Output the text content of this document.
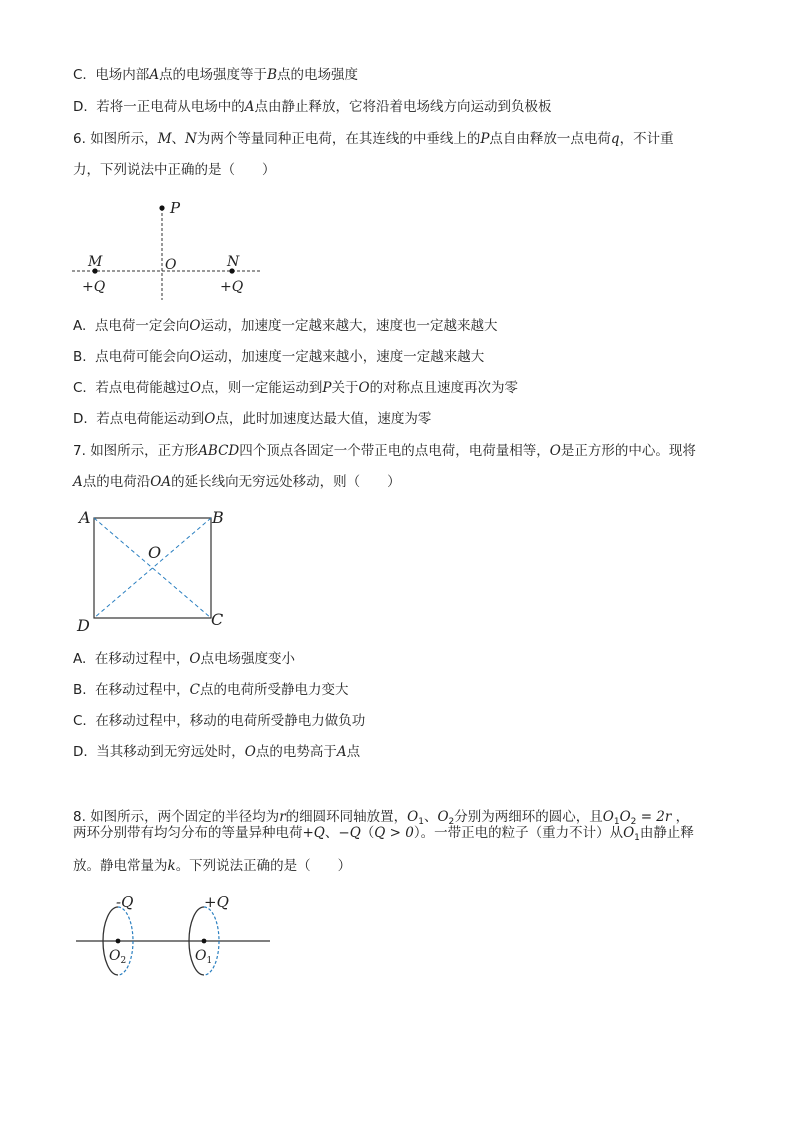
C. 电场内部A点的电场强度等于B点的电场强度
D. 若将一正电荷从电场中的A点由静止释放，它将沿着电场线方向运动到负极板
6. 如图所示，M、N为两个等量同种正电荷，在其连线的中垂线上的P点自由释放一点电荷q，不计重
力，下列说法中正确的是（　　）
P
M	O	N
+Q	+Q
A. 点电荷一定会向O运动，加速度一定越来越大，速度也一定越来越大
B. 点电荷可能会向O运动，加速度一定越来越小，速度一定越来越大
C. 若点电荷能越过O点，则一定能运动到P关于O的对称点且速度再次为零
D. 若点电荷能运动到O点，此时加速度达最大值，速度为零
7. 如图所示，正方形ABCD四个顶点各固定一个带正电的点电荷，电荷量相等，O是正方形的中心。现将
A点的电荷沿OA的延长线向无穷远处移动，则（　　）
A	B
O
D	C
A. 在移动过程中，O点电场强度变小
B. 在移动过程中，C点的电荷所受静电力变大
C. 在移动过程中，移动的电荷所受静电力做负功
D. 当其移动到无穷远处时，O点的电势高于A点
8. 如图所示，两个固定的半径均为r的细圆环同轴放置，$O_1$、$O_2$分别为两细环的圆心，且$O_1O_2 = 2r$ ，
两环分别带有均匀分布的等量异种电荷+Q、−Q（Q > 0）。一带正电的粒子（重力不计）从$O_1$由静止释
放。静电常量为k。下列说法正确的是（　　）
-Q	+Q
$O_2$	$O_1$
